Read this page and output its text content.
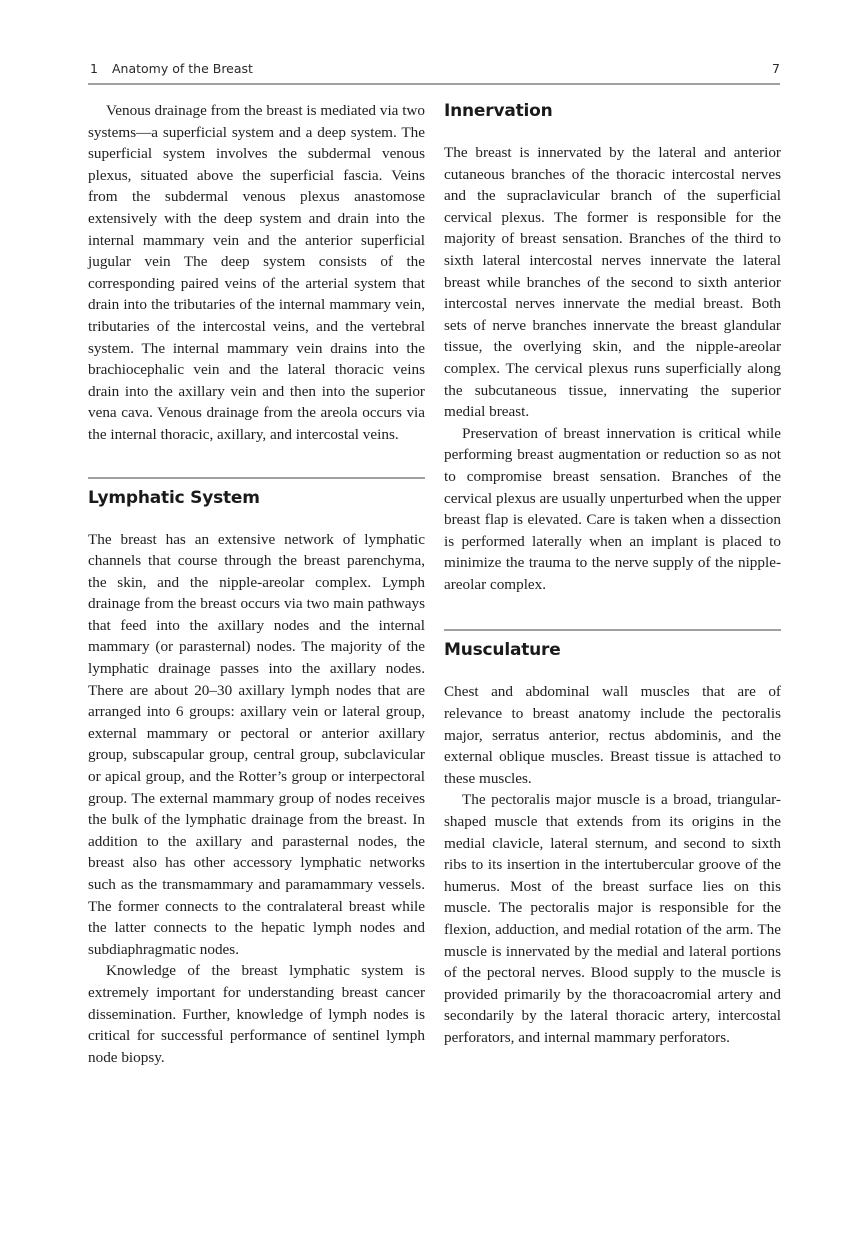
1 Anatomy of the Breast	7

Venous drainage from the breast is mediated via two systems—a superficial system and a deep system. The superficial system involves the subdermal venous plexus, situated above the superficial fascia. Veins from the subdermal venous plexus anastomose extensively with the deep system and drain into the internal mammary vein and the anterior superficial jugular vein The deep system consists of the corresponding paired veins of the arterial system that drain into the tributaries of the internal mammary vein, tributaries of the intercostal veins, and the vertebral system. The internal mammary vein drains into the brachiocephalic vein and the lateral thoracic veins drain into the axillary vein and then into the superior vena cava. Venous drainage from the areola occurs via the internal thoracic, axillary, and intercostal veins.

Lymphatic System

The breast has an extensive network of lymphatic channels that course through the breast parenchyma, the skin, and the nipple-areolar complex. Lymph drainage from the breast occurs via two main pathways that feed into the axillary nodes and the internal mammary (or parasternal) nodes. The majority of the lymphatic drainage passes into the axillary nodes. There are about 20–30 axillary lymph nodes that are arranged into 6 groups: axillary vein or lateral group, external mammary or pectoral or anterior axillary group, subscapular group, central group, subclavicular or apical group, and the Rotter’s group or interpectoral group. The external mammary group of nodes receives the bulk of the lymphatic drainage from the breast. In addition to the axillary and parasternal nodes, the breast also has other accessory lymphatic networks such as the transmammary and paramammary vessels. The former connects to the contralateral breast while the latter connects to the hepatic lymph nodes and subdiaphragmatic nodes.

Knowledge of the breast lymphatic system is extremely important for understanding breast cancer dissemination. Further, knowledge of lymph nodes is critical for successful performance of sentinel lymph node biopsy.

Innervation

The breast is innervated by the lateral and anterior cutaneous branches of the thoracic intercostal nerves and the supraclavicular branch of the superficial cervical plexus. The former is responsible for the majority of breast sensation. Branches of the third to sixth lateral intercostal nerves innervate the lateral breast while branches of the second to sixth anterior intercostal nerves innervate the medial breast. Both sets of nerve branches innervate the breast glandular tissue, the overlying skin, and the nipple-areolar complex. The cervical plexus runs superficially along the subcutaneous tissue, innervating the superior medial breast.

Preservation of breast innervation is critical while performing breast augmentation or reduction so as not to compromise breast sensation. Branches of the cervical plexus are usually unperturbed when the upper breast flap is elevated. Care is taken when a dissection is performed laterally when an implant is placed to minimize the trauma to the nerve supply of the nipple-areolar complex.

Musculature

Chest and abdominal wall muscles that are of relevance to breast anatomy include the pectoralis major, serratus anterior, rectus abdominis, and the external oblique muscles. Breast tissue is attached to these muscles.

The pectoralis major muscle is a broad, triangular-shaped muscle that extends from its origins in the medial clavicle, lateral sternum, and second to sixth ribs to its insertion in the intertubercular groove of the humerus. Most of the breast surface lies on this muscle. The pectoralis major is responsible for the flexion, adduction, and medial rotation of the arm. The muscle is innervated by the medial and lateral portions of the pectoral nerves. Blood supply to the muscle is provided primarily by the thoracoacromial artery and secondarily by the lateral thoracic artery, intercostal perforators, and internal mammary perforators.
